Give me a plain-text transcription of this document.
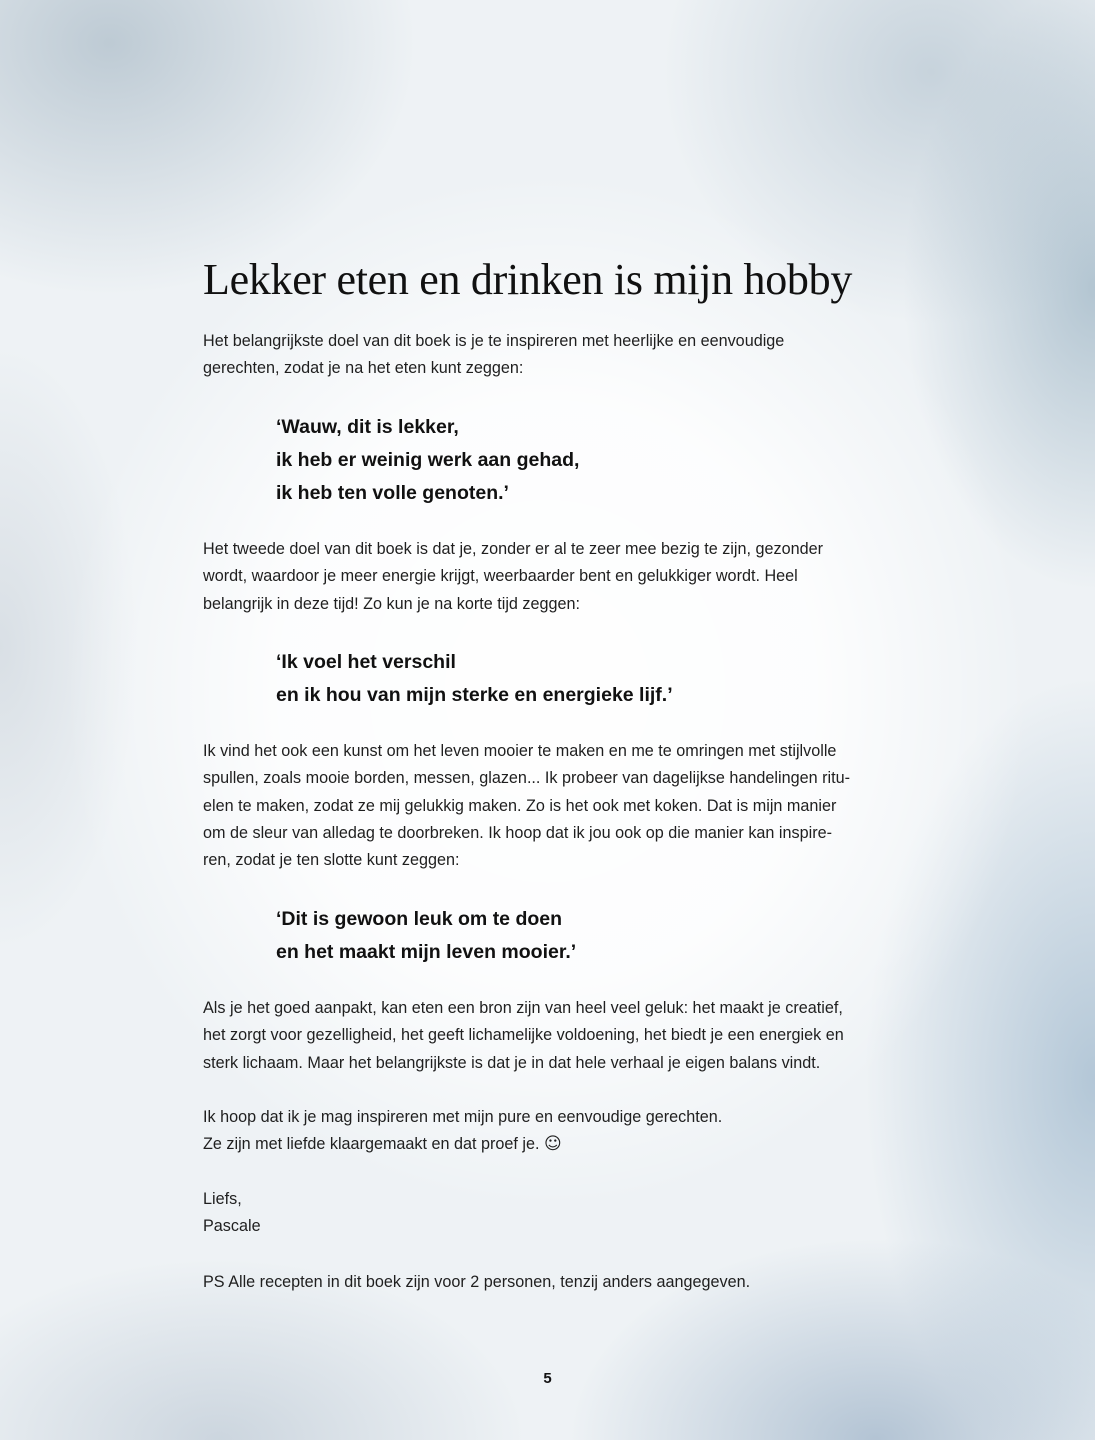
Lekker eten en drinken is mijn hobby

Het belangrijkste doel van dit boek is je te inspireren met heerlijke en eenvoudige
gerechten, zodat je na het eten kunt zeggen:

‘Wauw, dit is lekker,
ik heb er weinig werk aan gehad,
ik heb ten volle genoten.’

Het tweede doel van dit boek is dat je, zonder er al te zeer mee bezig te zijn, gezonder
wordt, waardoor je meer energie krijgt, weerbaarder bent en gelukkiger wordt. Heel
belangrijk in deze tijd! Zo kun je na korte tijd zeggen:

‘Ik voel het verschil
en ik hou van mijn sterke en energieke lijf.’

Ik vind het ook een kunst om het leven mooier te maken en me te omringen met stijlvolle
spullen, zoals mooie borden, messen, glazen... Ik probeer van dagelijkse handelingen ritu-
elen te maken, zodat ze mij gelukkig maken. Zo is het ook met koken. Dat is mijn manier
om de sleur van alledag te doorbreken. Ik hoop dat ik jou ook op die manier kan inspire-
ren, zodat je ten slotte kunt zeggen:

‘Dit is gewoon leuk om te doen
en het maakt mijn leven mooier.’

Als je het goed aanpakt, kan eten een bron zijn van heel veel geluk: het maakt je creatief,
het zorgt voor gezelligheid, het geeft lichamelijke voldoening, het biedt je een energiek en
sterk lichaam. Maar het belangrijkste is dat je in dat hele verhaal je eigen balans vindt.

Ik hoop dat ik je mag inspireren met mijn pure en eenvoudige gerechten.
Ze zijn met liefde klaargemaakt en dat proef je. ☺

Liefs,
Pascale

PS Alle recepten in dit boek zijn voor 2 personen, tenzij anders aangegeven.

5
